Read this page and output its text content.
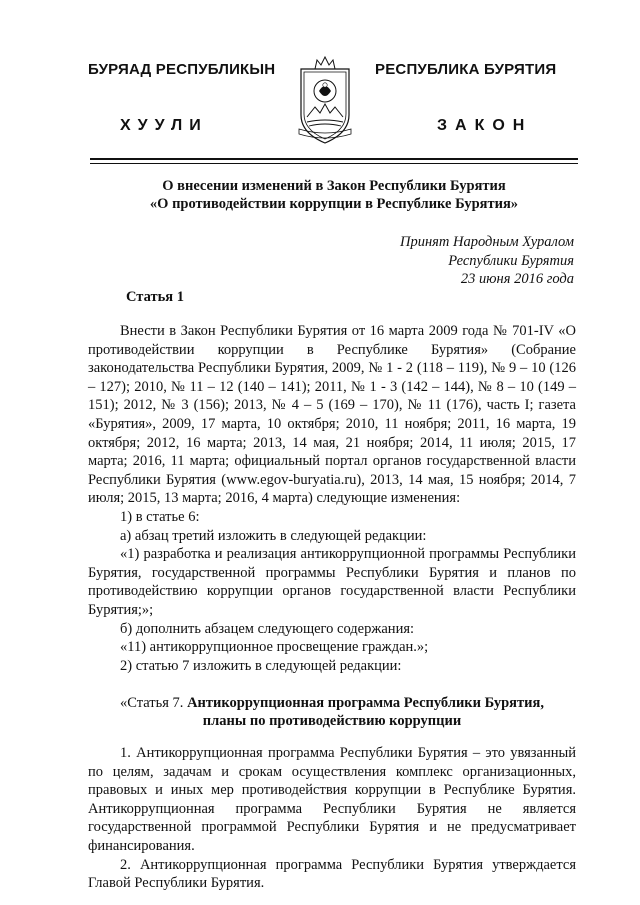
БУРЯАД РЕСПУБЛИКЫН
ХУУЛИ
РЕСПУБЛИКА БУРЯТИЯ
ЗАКОН
О внесении изменений в Закон Республики Бурятия
«О противодействии коррупции в Республике Бурятия»
Принят Народным Хуралом
Республики Бурятия
23 июня 2016 года
Статья 1

Внести в Закон Республики Бурятия от 16 марта 2009 года № 701-IV «О противодействии коррупции в Республике Бурятия» (Собрание законодательства Республики Бурятия, 2009, № 1 - 2 (118 – 119), № 9 – 10 (126 – 127); 2010, № 11 – 12 (140 – 141); 2011, № 1 - 3 (142 – 144), № 8 – 10 (149 – 151); 2012, № 3 (156); 2013, № 4 – 5 (169 – 170), № 11 (176), часть I; газета «Бурятия», 2009, 17 марта, 10 октября; 2010, 11 ноября; 2011, 16 марта, 19 октября; 2012, 16 марта; 2013, 14 мая, 21 ноября; 2014, 11 июля; 2015, 17 марта; 2016, 11 марта; официальный портал органов государственной власти Республики Бурятия (www.egov-buryatia.ru), 2013, 14 мая, 15 ноября; 2014, 7 июля; 2015, 13 марта; 2016, 4 марта) следующие изменения:

1) в статье 6:

а) абзац третий изложить в следующей редакции:

«1) разработка и реализация антикоррупционной программы Республики Бурятия, государственной программы Республики Бурятия и планов по противодействию коррупции органов государственной власти Республики Бурятия;»;

б) дополнить абзацем следующего содержания:

«11) антикоррупционное просвещение граждан.»;

2) статью 7 изложить в следующей редакции:

«Статья 7. Антикоррупционная программа Республики Бурятия,
планы по противодействию коррупции

1. Антикоррупционная программа Республики Бурятия – это увязанный по целям, задачам и срокам осуществления комплекс организационных, правовых и иных мер противодействия коррупции в Республике Бурятия. Антикоррупционная программа Республики Бурятия не является государственной программой Республики Бурятия и не предусматривает финансирования.

2. Антикоррупционная программа Республики Бурятия утверждается Главой Республики Бурятия.
